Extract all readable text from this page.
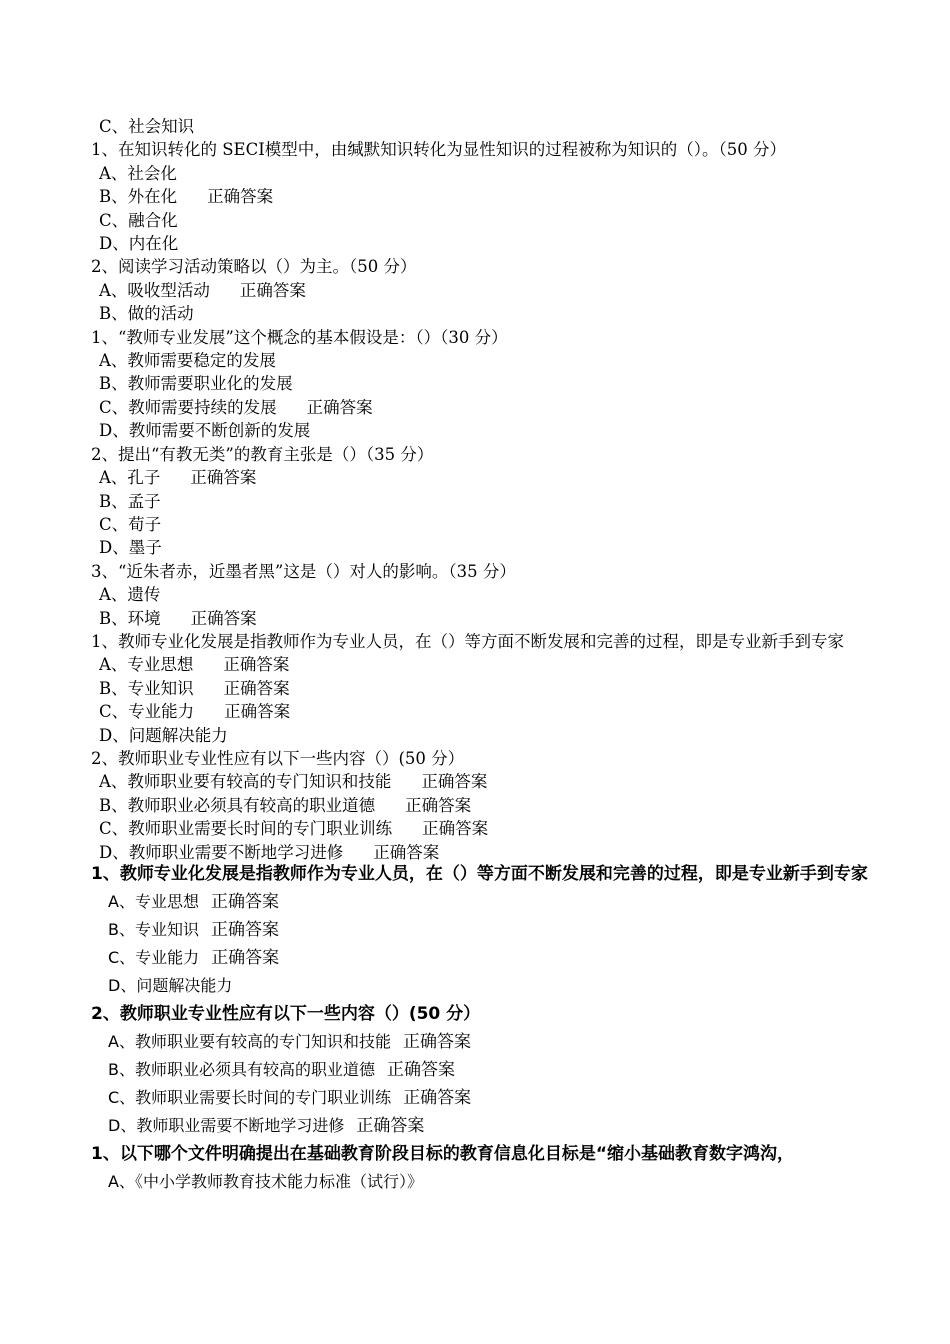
C、社会知识
1、在知识转化的 SECI模型中，由缄默知识转化为显性知识的过程被称为知识的（）。（50 分）
A、社会化
B、外在化 正确答案
C、融合化
D、内在化
2、阅读学习活动策略以（）为主。（50 分）
A、吸收型活动 正确答案
B、做的活动
1、“教师专业发展”这个概念的基本假设是：（）（30 分）
A、教师需要稳定的发展
B、教师需要职业化的发展
C、教师需要持续的发展 正确答案
D、教师需要不断创新的发展
2、提出“有教无类”的教育主张是（）（35 分）
A、孔子 正确答案
B、孟子
C、荀子
D、墨子
3、“近朱者赤，近墨者黑”这是（）对人的影响。（35 分）
A、遗传
B、环境 正确答案
1、教师专业化发展是指教师作为专业人员，在（）等方面不断发展和完善的过程，即是专业新手到专家
A、专业思想 正确答案
B、专业知识 正确答案
C、专业能力 正确答案
D、问题解决能力
2、教师职业专业性应有以下一些内容（）(50 分）
A、教师职业要有较高的专门知识和技能 正确答案
B、教师职业必须具有较高的职业道德 正确答案
C、教师职业需要长时间的专门职业训练 正确答案
D、教师职业需要不断地学习进修 正确答案
1、教师专业化发展是指教师作为专业人员，在（）等方面不断发展和完善的过程，即是专业新手到专家
A、专业思想 正确答案
B、专业知识 正确答案
C、专业能力 正确答案
D、问题解决能力
2、教师职业专业性应有以下一些内容（）(50 分）
A、教师职业要有较高的专门知识和技能 正确答案
B、教师职业必须具有较高的职业道德 正确答案
C、教师职业需要长时间的专门职业训练 正确答案
D、教师职业需要不断地学习进修 正确答案
1、以下哪个文件明确提出在基础教育阶段目标的教育信息化目标是“缩小基础教育数字鸿沟，
A、《中小学教师教育技术能力标准（试行）》
